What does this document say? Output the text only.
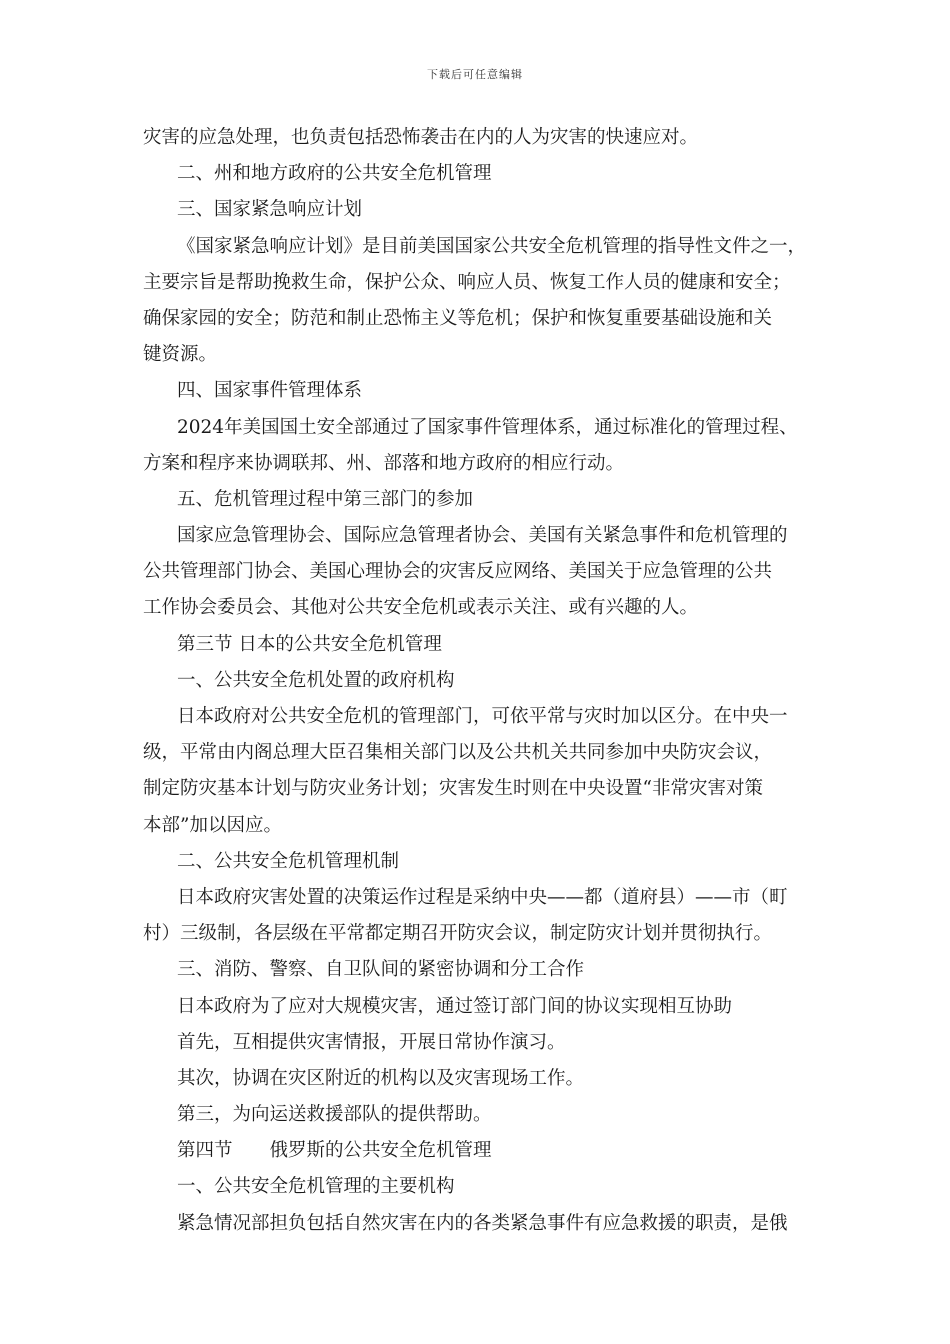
下载后可任意编辑
灾害的应急处理，也负责包括恐怖袭击在内的人为灾害的快速应对。
二、州和地方政府的公共安全危机管理
三、国家紧急响应计划
《国家紧急响应计划》是目前美国国家公共安全危机管理的指导性文件之一，
主要宗旨是帮助挽救生命，保护公众、响应人员、恢复工作人员的健康和安全；
确保家园的安全；防范和制止恐怖主义等危机；保护和恢复重要基础设施和关
键资源。
四、国家事件管理体系
2024年美国国土安全部通过了国家事件管理体系，通过标准化的管理过程、
方案和程序来协调联邦、州、部落和地方政府的相应行动。
五、危机管理过程中第三部门的参加
国家应急管理协会、国际应急管理者协会、美国有关紧急事件和危机管理的
公共管理部门协会、美国心理协会的灾害反应网络、美国关于应急管理的公共
工作协会委员会、其他对公共安全危机或表示关注、或有兴趣的人。
第三节 日本的公共安全危机管理
一、公共安全危机处置的政府机构
日本政府对公共安全危机的管理部门，可依平常与灾时加以区分。在中央一
级，平常由内阁总理大臣召集相关部门以及公共机关共同参加中央防灾会议，
制定防灾基本计划与防灾业务计划；灾害发生时则在中央设置“非常灾害对策
本部”加以因应。
二、公共安全危机管理机制
日本政府灾害处置的决策运作过程是采纳中央——都（道府县）——市（町
村）三级制，各层级在平常都定期召开防灾会议，制定防灾计划并贯彻执行。
三、消防、警察、自卫队间的紧密协调和分工合作
日本政府为了应对大规模灾害，通过签订部门间的协议实现相互协助
首先，互相提供灾害情报，开展日常协作演习。
其次，协调在灾区附近的机构以及灾害现场工作。
第三，为向运送救援部队的提供帮助。
第四节　　俄罗斯的公共安全危机管理
一、公共安全危机管理的主要机构
紧急情况部担负包括自然灾害在内的各类紧急事件有应急救援的职责，是俄
